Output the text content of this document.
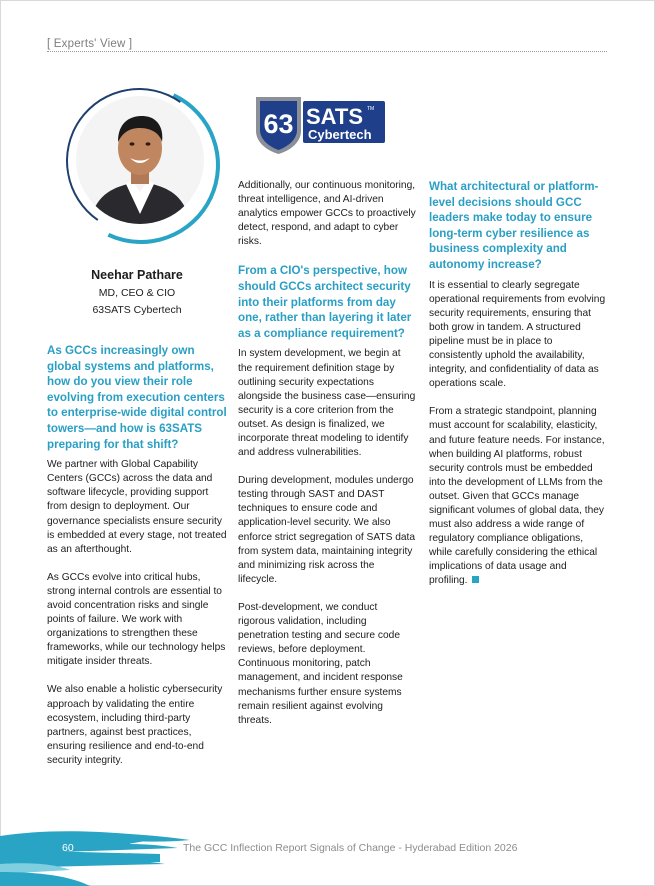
[ Experts' View ]
Neehar Pathare
MD, CEO & CIO
63SATS Cybertech
63 SATS TM
Cybertech
As GCCs increasingly own global systems and platforms, how do you view their role evolving from execution centers to enterprise-wide digital control towers—and how is 63SATS preparing for that shift?
We partner with Global Capability Centers (GCCs) across the data and software lifecycle, providing support from design to deployment. Our governance specialists ensure security is embedded at every stage, not treated as an afterthought.
As GCCs evolve into critical hubs, strong internal controls are essential to avoid concentration risks and single points of failure. We work with organizations to strengthen these frameworks, while our technology helps mitigate insider threats.
We also enable a holistic cybersecurity approach by validating the entire ecosystem, including third-party partners, against best practices, ensuring resilience and end-to-end security integrity.
Additionally, our continuous monitoring, threat intelligence, and AI-driven analytics empower GCCs to proactively detect, respond, and adapt to cyber risks.
From a CIO's perspective, how should GCCs architect security into their platforms from day one, rather than layering it later as a compliance requirement?
In system development, we begin at the requirement definition stage by outlining security expectations alongside the business case—ensuring security is a core criterion from the outset. As design is finalized, we incorporate threat modeling to identify and address vulnerabilities.
During development, modules undergo testing through SAST and DAST techniques to ensure code and application-level security. We also enforce strict segregation of SATS data from system data, maintaining integrity and minimizing risk across the lifecycle.
Post-development, we conduct rigorous validation, including penetration testing and secure code reviews, before deployment. Continuous monitoring, patch management, and incident response mechanisms further ensure systems remain resilient against evolving threats.
What architectural or platform-level decisions should GCC leaders make today to ensure long-term cyber resilience as business complexity and autonomy increase?
It is essential to clearly segregate operational requirements from evolving security requirements, ensuring that both grow in tandem. A structured pipeline must be in place to consistently uphold the availability, integrity, and confidentiality of data as operations scale.
From a strategic standpoint, planning must account for scalability, elasticity, and future feature needs. For instance, when building AI platforms, robust security controls must be embedded into the development of LLMs from the outset. Given that GCCs manage significant volumes of global data, they must also address a wide range of regulatory compliance obligations, while carefully considering the ethical implications of data usage and profiling.
60	The GCC Inflection Report Signals of Change - Hyderabad Edition 2026
